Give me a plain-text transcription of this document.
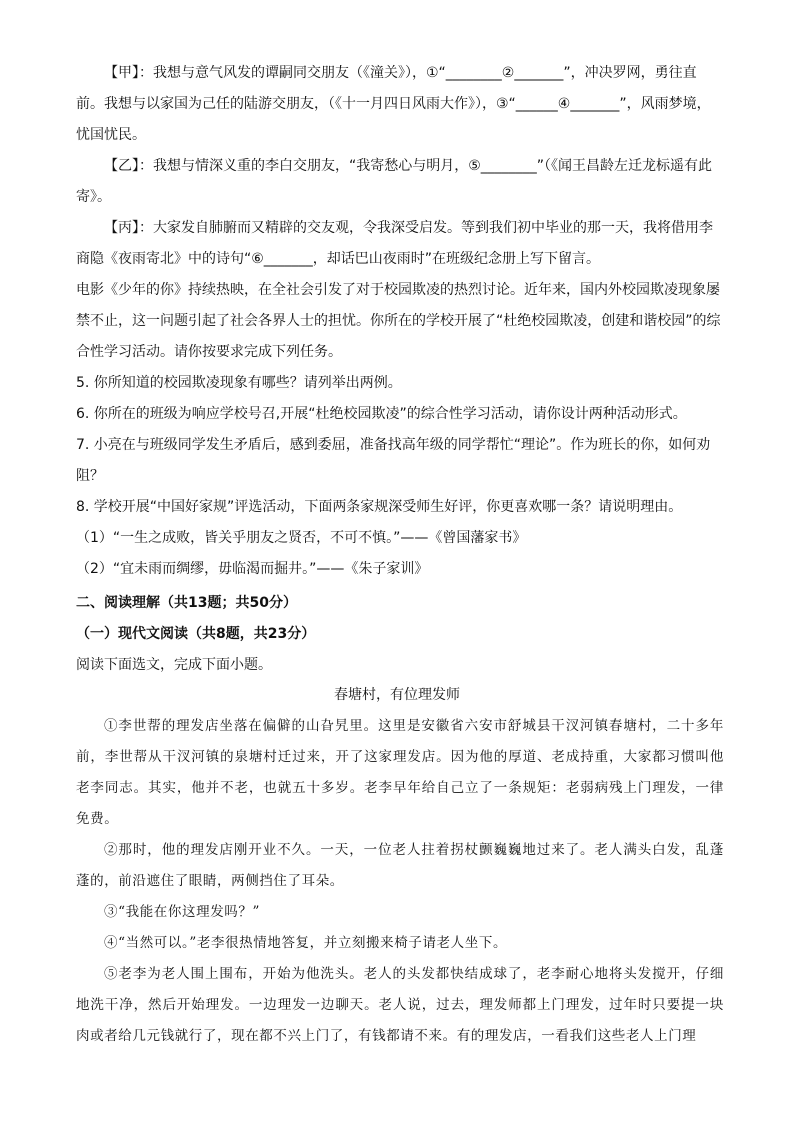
【甲】：我想与意气风发的谭嗣同交朋友（《潼关》），①“________②_______”，冲决罗网，勇往直前。我想与以家国为己任的陆游交朋友，（《十一月四日风雨大作》），③“______④_______”，风雨梦境，忧国忧民。

【乙】：我想与情深义重的李白交朋友，“我寄愁心与明月，⑤________”（《闻王昌龄左迁龙标遥有此寄》。

【丙】：大家发自肺腑而又精辟的交友观，令我深受启发。等到我们初中毕业的那一天，我将借用李商隐《夜雨寄北》中的诗句“⑥_______，却话巴山夜雨时”在班级纪念册上写下留言。

电影《少年的你》持续热映，在全社会引发了对于校园欺凌的热烈讨论。近年来，国内外校园欺凌现象屡禁不止，这一问题引起了社会各界人士的担忧。你所在的学校开展了“杜绝校园欺凌，创建和谐校园”的综合性学习活动。请你按要求完成下列任务。

5. 你所知道的校园欺凌现象有哪些？请列举出两例。

6. 你所在的班级为响应学校号召,开展“杜绝校园欺凌”的综合性学习活动，请你设计两种活动形式。

7. 小亮在与班级同学发生矛盾后，感到委屈，准备找高年级的同学帮忙“理论”。作为班长的你，如何劝阻？

8. 学校开展“中国好家规”评选活动，下面两条家规深受师生好评，你更喜欢哪一条？请说明理由。

（1）“一生之成败，皆关乎朋友之贤否，不可不慎。”——《曾国藩家书》

（2）“宜未雨而绸缪，毋临渴而掘井。”——《朱子家训》

二、阅读理解（共13题；共50分）

（一）现代文阅读（共8题，共23分）

阅读下面选文，完成下面小题。

春塘村，有位理发师

①李世帮的理发店坐落在偏僻的山旮旯里。这里是安徽省六安市舒城县干汊河镇春塘村，二十多年前，李世帮从干汊河镇的泉塘村迁过来，开了这家理发店。因为他的厚道、老成持重，大家都习惯叫他老李同志。其实，他并不老，也就五十多岁。老李早年给自己立了一条规矩：老弱病残上门理发，一律免费。

②那时，他的理发店刚开业不久。一天，一位老人拄着拐杖颤巍巍地过来了。老人满头白发，乱蓬蓬的，前沿遮住了眼睛，两侧挡住了耳朵。

③“我能在你这理发吗？”

④“当然可以。”老李很热情地答复，并立刻搬来椅子请老人坐下。

⑤老李为老人围上围布，开始为他洗头。老人的头发都快结成球了，老李耐心地将头发搅开，仔细地洗干净，然后开始理发。一边理发一边聊天。老人说，过去，理发师都上门理发，过年时只要提一块肉或者给几元钱就行了，现在都不兴上门了，有钱都请不来。有的理发店，一看我们这些老人上门理
